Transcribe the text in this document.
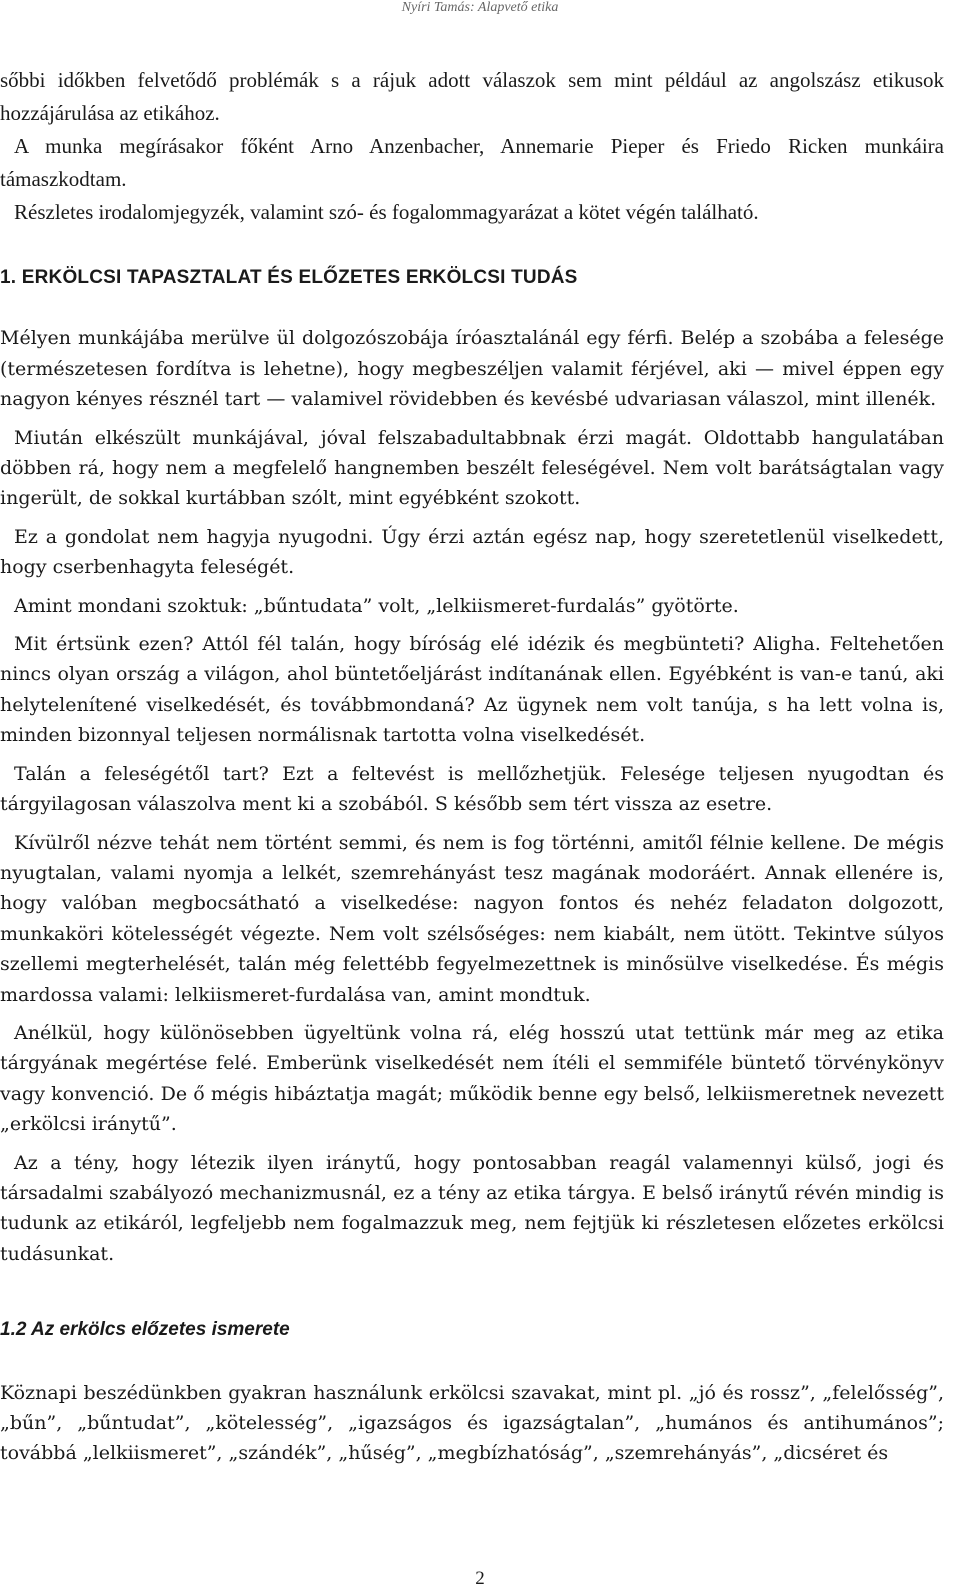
Nyíri Tamás: Alapvető etika

sőbbi időkben felvetődő problémák s a rájuk adott válaszok sem mint például az angolszász etikusok hozzájárulása az etikához.

A munka megírásakor főként Arno Anzenbacher, Annemarie Pieper és Friedo Ricken munkáira támaszkodtam.

Részletes irodalomjegyzék, valamint szó- és fogalommagyarázat a kötet végén található.

1. ERKÖLCSI TAPASZTALAT ÉS ELŐZETES ERKÖLCSI TUDÁS

Mélyen munkájába merülve ül dolgozószobája íróasztalánál egy férfi. Belép a szobába a felesége (természetesen fordítva is lehetne), hogy megbeszéljen valamit férjével, aki — mivel éppen egy nagyon kényes résznél tart — valamivel rövidebben és kevésbé udvariasan válaszol, mint illenék.

Miután elkészült munkájával, jóval felszabadultabbnak érzi magát. Oldottabb hangulatában döbben rá, hogy nem a megfelelő hangnemben beszélt feleségével. Nem volt barátságtalan vagy ingerült, de sokkal kurtábban szólt, mint egyébként szokott.

Ez a gondolat nem hagyja nyugodni. Úgy érzi aztán egész nap, hogy szeretetlenül viselkedett, hogy cserbenhagyta feleségét.

Amint mondani szoktuk: „bűntudata” volt, „lelkiismeret-furdalás” gyötörte.

Mit értsünk ezen? Attól fél talán, hogy bíróság elé idézik és megbünteti? Aligha. Feltehetően nincs olyan ország a világon, ahol büntetőeljárást indítanának ellen. Egyébként is van-e tanú, aki helytelenítené viselkedését, és továbbmondaná? Az ügynek nem volt tanúja, s ha lett volna is, minden bizonnyal teljesen normálisnak tartotta volna viselkedését.

Talán a feleségétől tart? Ezt a feltevést is mellőzhetjük. Felesége teljesen nyugodtan és tárgyilagosan válaszolva ment ki a szobából. S később sem tért vissza az esetre.

Kívülről nézve tehát nem történt semmi, és nem is fog történni, amitől félnie kellene. De mégis nyugtalan, valami nyomja a lelkét, szemrehányást tesz magának modoráért. Annak ellenére is, hogy valóban megbocsátható a viselkedése: nagyon fontos és nehéz feladaton dolgozott, munkaköri kötelességét végezte. Nem volt szélsőséges: nem kiabált, nem ütött. Tekintve súlyos szellemi megterhelését, talán még felettébb fegyelmezettnek is minősülve viselkedése. És mégis mardossa valami: lelkiismeret-furdalása van, amint mondtuk.

Anélkül, hogy különösebben ügyeltünk volna rá, elég hosszú utat tettünk már meg az etika tárgyának megértése felé. Emberünk viselkedését nem ítéli el semmiféle büntető törvénykönyv vagy konvenció. De ő mégis hibáztatja magát; működik benne egy belső, lelkiismeretnek nevezett „erkölcsi iránytű”.

Az a tény, hogy létezik ilyen iránytű, hogy pontosabban reagál valamennyi külső, jogi és társadalmi szabályozó mechanizmusnál, ez a tény az etika tárgya. E belső iránytű révén mindig is tudunk az etikáról, legfeljebb nem fogalmazzuk meg, nem fejtjük ki részletesen előzetes erkölcsi tudásunkat.

1.2 Az erkölcs előzetes ismerete

Köznapi beszédünkben gyakran használunk erkölcsi szavakat, mint pl. „jó és rossz”, „felelősség”, „bűn”, „bűntudat”, „kötelesség”, „igazságos és igazságtalan”, „humános és antihumános”; továbbá „lelkiismeret”, „szándék”, „hűség”, „megbízhatóság”, „szemrehányás”, „dicséret és

2
